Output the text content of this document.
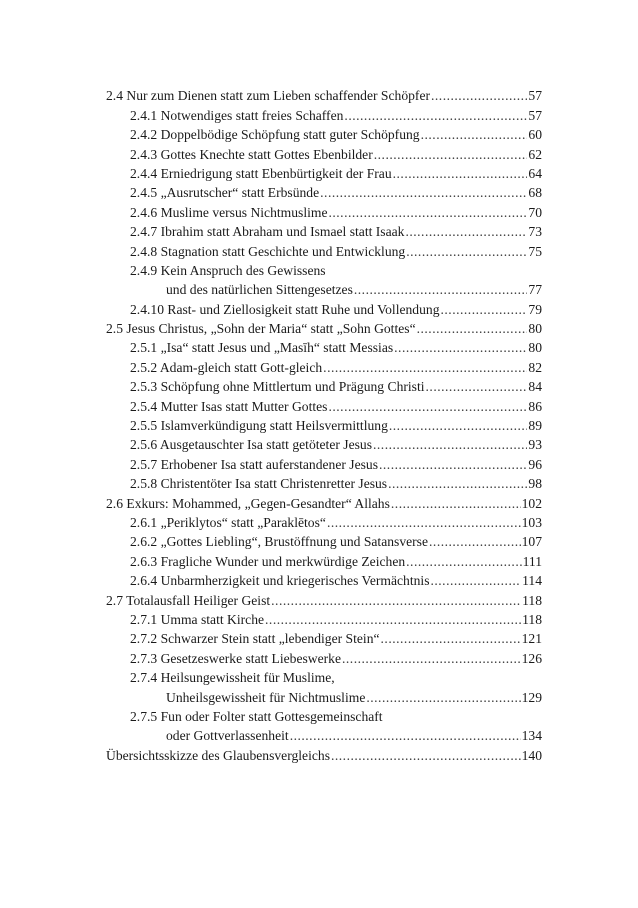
2.4 Nur zum Dienen statt zum Lieben schaffender Schöpfer .....	57
2.4.1 Notwendiges statt freies Schaffen .....	57
2.4.2 Doppelbödige Schöpfung statt guter Schöpfung .....	60
2.4.3 Gottes Knechte statt Gottes Ebenbilder .....	62
2.4.4 Erniedrigung statt Ebenbürtigkeit der Frau .....	64
2.4.5 „Ausrutscher“ statt Erbsünde .....	68
2.4.6 Muslime versus Nichtmuslime .....	70
2.4.7 Ibrahim statt Abraham und Ismael statt Isaak .....	73
2.4.8 Stagnation statt Geschichte und Entwicklung .....	75
2.4.9 Kein Anspruch des Gewissens
und des natürlichen Sittengesetzes .....	77
2.4.10 Rast- und Ziellosigkeit statt Ruhe und Vollendung .....	79
2.5 Jesus Christus, „Sohn der Maria“ statt „Sohn Gottes“ .....	80
2.5.1 „Isa“ statt Jesus und „Masīh“ statt Messias .....	80
2.5.2 Adam-gleich statt Gott-gleich .....	82
2.5.3 Schöpfung ohne Mittlertum und Prägung Christi .....	84
2.5.4 Mutter Isas statt Mutter Gottes .....	86
2.5.5 Islamverkündigung statt Heilsvermittlung .....	89
2.5.6 Ausgetauschter Isa statt getöteter Jesus .....	93
2.5.7 Erhobener Isa statt auferstandener Jesus .....	96
2.5.8 Christentöter Isa statt Christenretter Jesus .....	98
2.6 Exkurs: Mohammed, „Gegen-Gesandter“ Allahs .....	102
2.6.1 „Periklytos“ statt „Paraklētos“ .....	103
2.6.2 „Gottes Liebling“, Brustöffnung und Satansverse .....	107
2.6.3 Fragliche Wunder und merkwürdige Zeichen .....	111
2.6.4 Unbarmherzigkeit und kriegerisches Vermächtnis .....	114
2.7 Totalausfall Heiliger Geist .....	118
2.7.1 Umma statt Kirche .....	118
2.7.2 Schwarzer Stein statt „lebendiger Stein“ .....	121
2.7.3 Gesetzeswerke statt Liebeswerke .....	126
2.7.4 Heilsungewissheit für Muslime,
Unheilsgewissheit für Nichtmuslime .....	129
2.7.5 Fun oder Folter statt Gottesgemeinschaft
oder Gottverlassenheit .....	134
Übersichtsskizze des Glaubensvergleichs .....	140
